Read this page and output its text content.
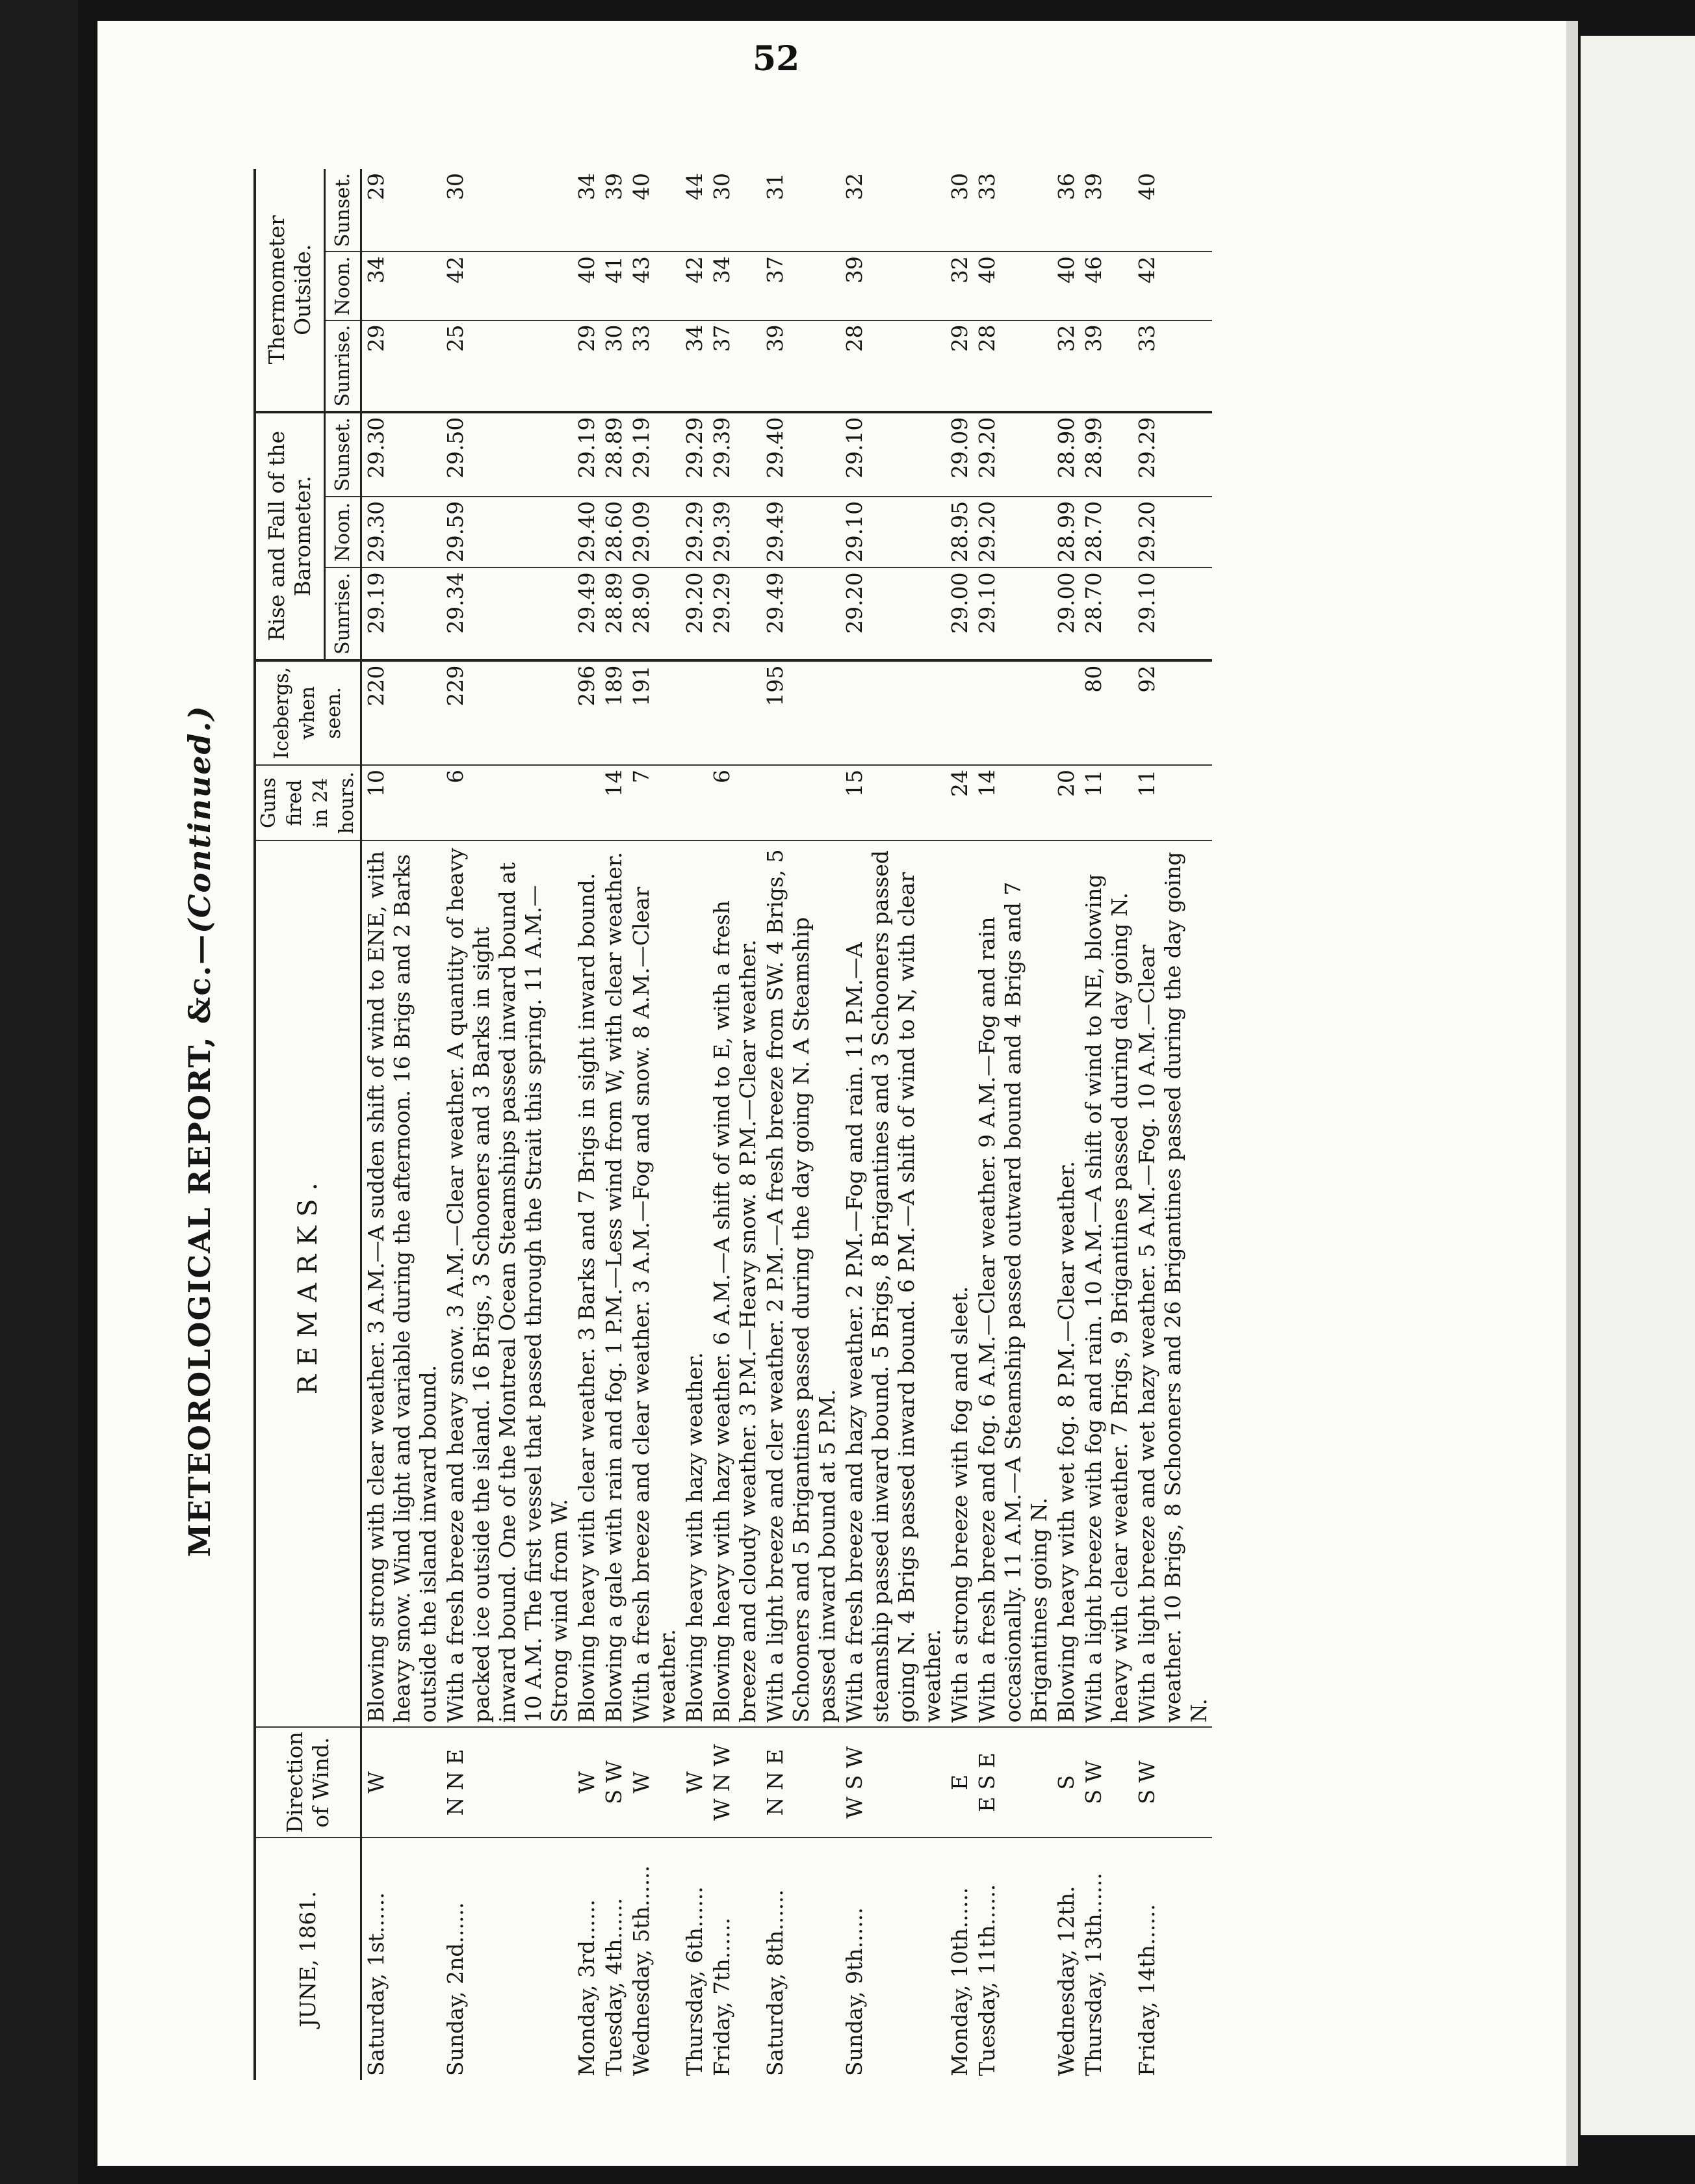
52
METEOROLOGICAL REPORT, &c.—(Continued.)
JUNE, 1861.	Direction of Wind.	REMARKS.	Guns fired in 24 hours.	Icebergs, when seen.	Rise and Fall of the Barometer.			Thermometer Outside.		
					Sunrise.	Noon.	Sunset.	Sunrise.	Noon.	Sunset.
Saturday, 1st......	W	Blowing strong with clear weather. 3 A.M.—A sudden shift of wind to ENE, with heavy snow. Wind light and variable during the afternoon. 16 Brigs and 2 Barks outside the island inward bound.	10	220	29.19	29.30	29.30	29	34	29
Sunday, 2nd......	N N E	With a fresh breeze and heavy snow. 3 A.M.—Clear weather. A quantity of heavy packed ice outside the island. 16 Brigs, 3 Schooners and 3 Barks in sight inward bound. One of the Montreal Ocean Steamships passed inward bound at 10 A.M. The first vessel that passed through the Strait this spring. 11 A.M.—Strong wind from W.	6	229	29.34	29.59	29.50	25	42	30
Monday, 3rd......	W	Blowing heavy with clear weather. 3 Barks and 7 Brigs in sight inward bound.		296	29.49	29.40	29.19	29	40	34
Tuesday, 4th......	S W	Blowing a gale with rain and fog. 1 P.M.—Less wind from W, with clear weather.	14	189	28.89	28.60	28.89	30	41	39
Wednesday, 5th......	W	With a fresh breeze and clear weather. 3 A.M.—Fog and snow. 8 A.M.—Clear weather.	7	191	28.90	29.09	29.19	33	43	40
Thursday, 6th......	W	Blowing heavy with hazy weather.			29.20	29.29	29.29	34	42	44
Friday, 7th......	W N W	Blowing heavy with hazy weather. 6 A.M.—A shift of wind to E, with a fresh breeze and cloudy weather. 3 P.M.—Heavy snow. 8 P.M.—Clear weather.	6		29.29	29.39	29.39	37	34	30
Saturday, 8th......	N N E	With a light breeze and cler weather. 2 P.M.—A fresh breeze from SW. 4 Brigs, 5 Schooners and 5 Brigantines passed during the day going N. A Steamship passed inward bound at 5 P.M.		195	29.49	29.49	29.40	39	37	31
Sunday, 9th......	W S W	With a fresh breeze and hazy weather. 2 P.M.—Fog and rain. 11 P.M.—A steamship passed inward bound. 5 Brigs, 8 Brigantines and 3 Schooners passed going N. 4 Brigs passed inward bound. 6 P.M.—A shift of wind to N, with clear weather.	15		29.20	29.10	29.10	28	39	32
Monday, 10th......	E	With a strong breeze with fog and sleet.	24		29.00	28.95	29.09	29	32	30
Tuesday, 11th......	E S E	With a fresh breeze and fog. 6 A.M.—Clear weather. 9 A.M.—Fog and rain occasionally. 11 A.M.—A Steamship passed outward bound and 4 Brigs and 7 Brigantines going N.	14		29.10	29.20	29.20	28	40	33
Wednesday, 12th.	S	Blowing heavy with wet fog. 8 P.M.—Clear weather.	20		29.00	28.99	28.90	32	40	36
Thursday, 13th......	S W	With a light breeze with fog and rain. 10 A.M.—A shift of wind to NE, blowing heavy with clear weather. 7 Brigs, 9 Brigantines passed during day going N.	11	80	28.70	28.70	28.99	39	46	39
Friday, 14th......	S W	With a light breeze and wet hazy weather. 5 A.M.—Fog. 10 A.M.—Clear weather. 10 Brigs, 8 Schooners and 26 Brigantines passed during the day going N.	11	92	29.10	29.20	29.29	33	42	40
